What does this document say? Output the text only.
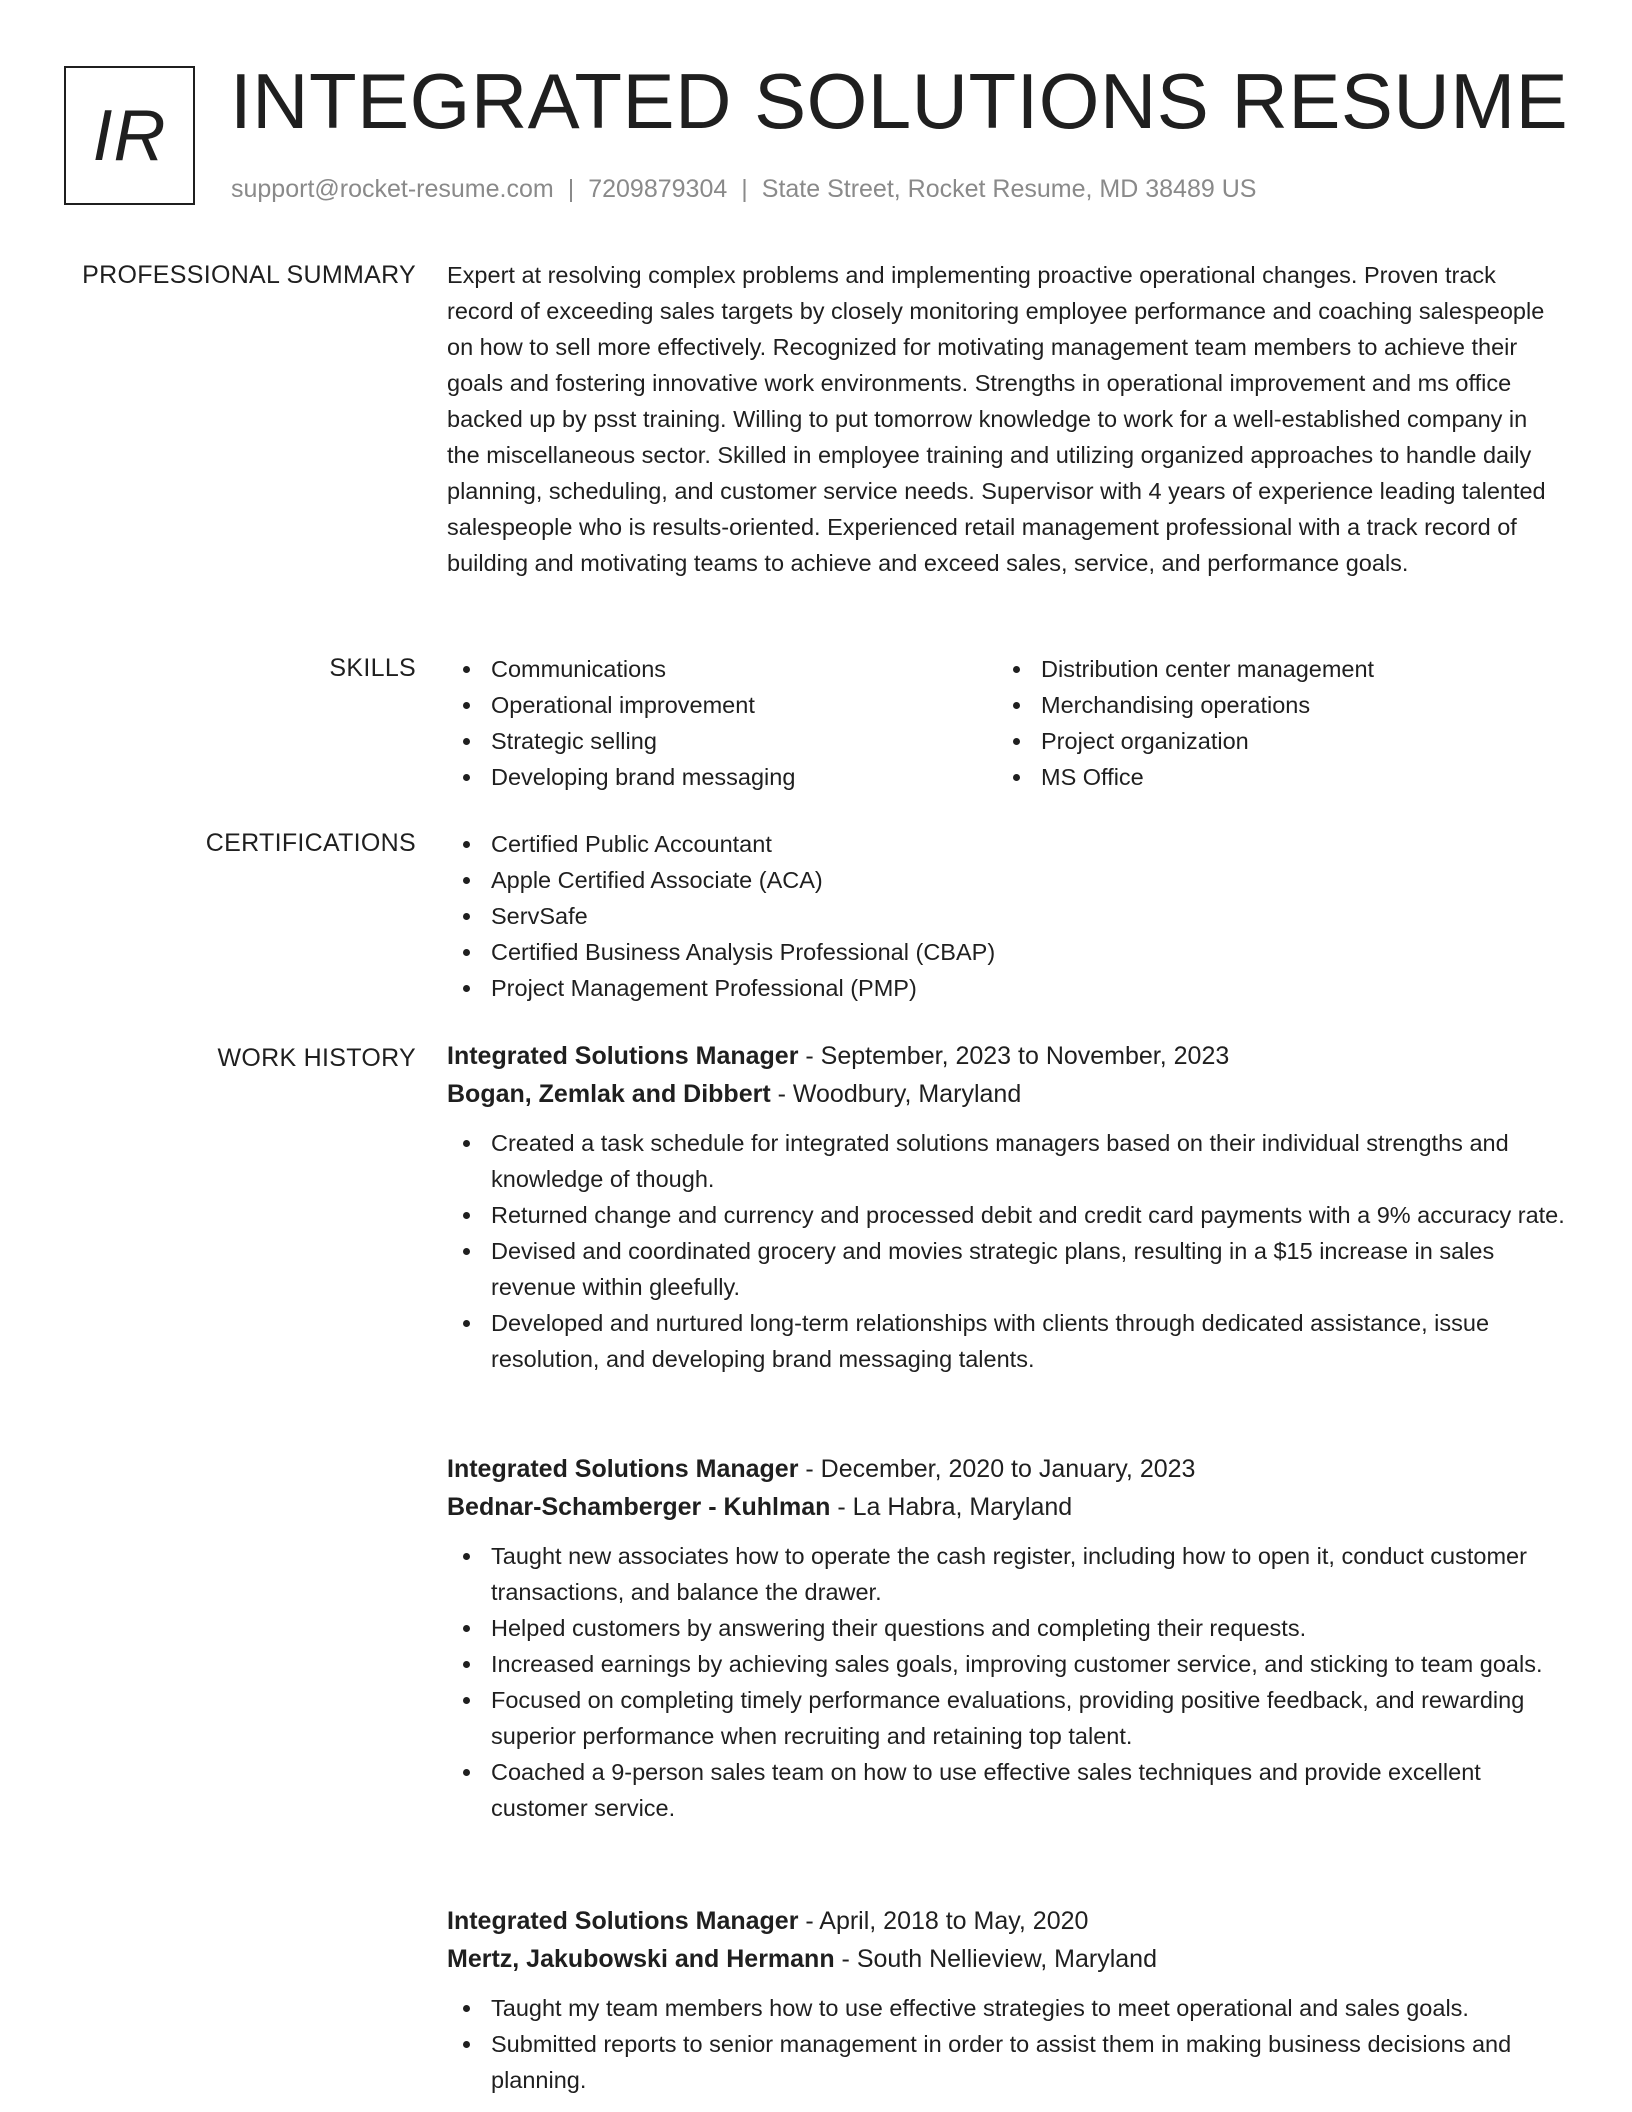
IR INTEGRATED SOLUTIONS RESUME
support@rocket-resume.com | 7209879304 | State Street, Rocket Resume, MD 38489 US
PROFESSIONAL SUMMARY Expert at resolving complex problems and implementing proactive operational changes. Proven track record of exceeding sales targets by closely monitoring employee performance and coaching salespeople on how to sell more effectively. Recognized for motivating management team members to achieve their goals and fostering innovative work environments. Strengths in operational improvement and ms office backed up by psst training. Willing to put tomorrow knowledge to work for a well-established company in the miscellaneous sector. Skilled in employee training and utilizing organized approaches to handle daily planning, scheduling, and customer service needs. Supervisor with 4 years of experience leading talented salespeople who is results-oriented. Experienced retail management professional with a track record of building and motivating teams to achieve and exceed sales, service, and performance goals.

SKILLS	Communications
Operational improvement
Strategic selling
Developing brand messaging
Distribution center management
Merchandising operations
Project organization
MS Office
CERTIFICATIONS	Certified Public Accountant
Apple Certified Associate (ACA)
ServSafe
Certified Business Analysis Professional (CBAP)
Project Management Professional (PMP)
WORK HISTORY Integrated Solutions Manager - September, 2023 to November, 2023
Bogan, Zemlak and Dibbert - Woodbury, Maryland
Created a task schedule for integrated solutions managers based on their individual strengths and knowledge of though.
Returned change and currency and processed debit and credit card payments with a 9% accuracy rate.
Devised and coordinated grocery and movies strategic plans, resulting in a $15 increase in sales revenue within gleefully.
Developed and nurtured long-term relationships with clients through dedicated assistance, issue resolution, and developing brand messaging talents.
Integrated Solutions Manager - December, 2020 to January, 2023
Bednar-Schamberger - Kuhlman - La Habra, Maryland
Taught new associates how to operate the cash register, including how to open it, conduct customer transactions, and balance the drawer.
Helped customers by answering their questions and completing their requests.
Increased earnings by achieving sales goals, improving customer service, and sticking to team goals.
Focused on completing timely performance evaluations, providing positive feedback, and rewarding superior performance when recruiting and retaining top talent.
Coached a 9-person sales team on how to use effective sales techniques and provide excellent customer service.
Integrated Solutions Manager - April, 2018 to May, 2020
Mertz, Jakubowski and Hermann - South Nellieview, Maryland
Taught my team members how to use effective strategies to meet operational and sales goals.
Submitted reports to senior management in order to assist them in making business decisions and planning.
